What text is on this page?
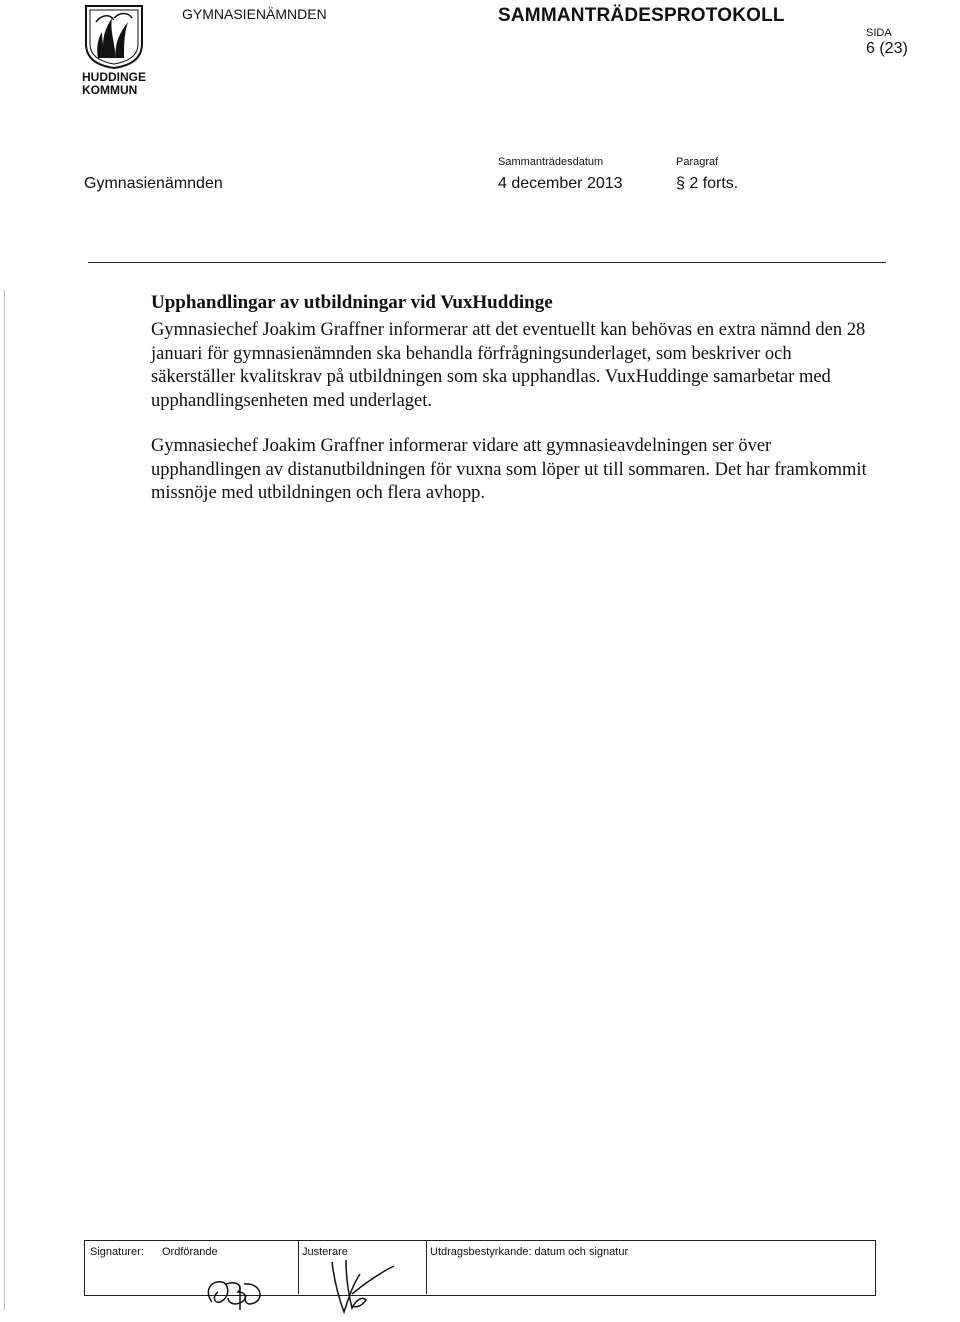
HUDDINGE
KOMMUN
GYMNASIENÄMNDEN	SAMMANTRÄDESPROTOKOLL
SIDA
6 (23)
Sammanträdesdatum	Paragraf
Gymnasienämnden	4 december 2013	§ 2 forts.
Upphandlingar av utbildningar vid VuxHuddinge
Gymnasiechef Joakim Graffner informerar att det eventuellt kan behövas en extra nämnd den 28 januari för gymnasienämnden ska behandla förfrågningsunderlaget, som beskriver och säkerställer kvalitskrav på utbildningen som ska upphandlas. VuxHuddinge samarbetar med upphandlingsenheten med underlaget.
Gymnasiechef Joakim Graffner informerar vidare att gymnasieavdelningen ser över upphandlingen av distanutbildningen för vuxna som löper ut till sommaren. Det har framkommit missnöje med utbildningen och flera avhopp.
Signaturer: Ordförande	Justerare	Utdragsbestyrkande: datum och signatur
